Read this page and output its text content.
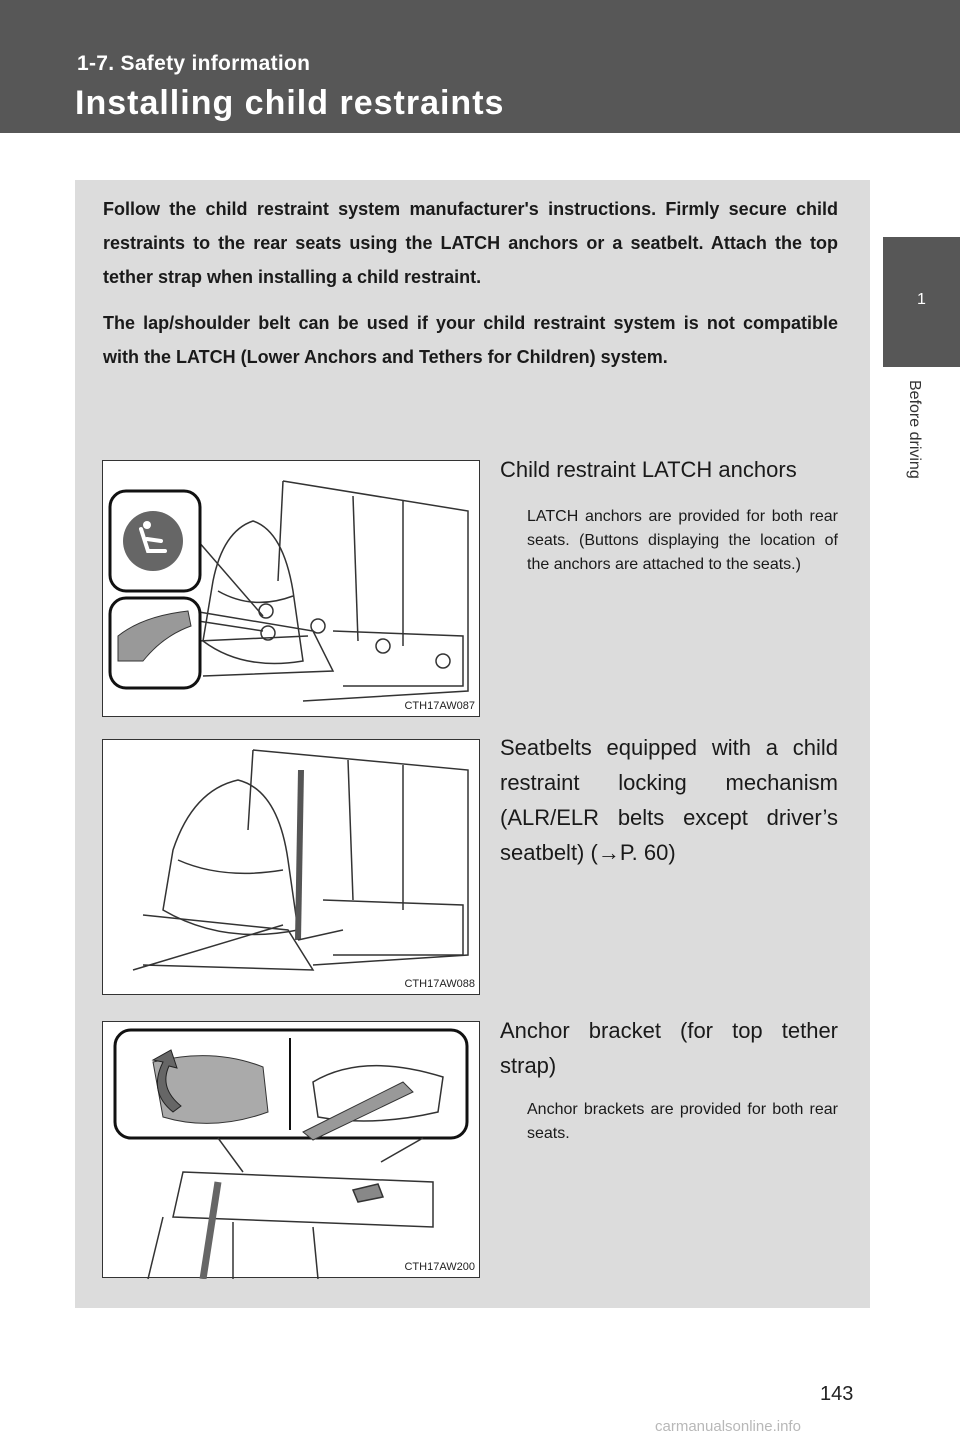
1-7. Safety information
Installing child restraints
1
Before driving

Follow the child restraint system manufacturer's instructions. Firmly secure child restraints to the rear seats using the LATCH anchors or a seatbelt. Attach the top tether strap when installing a child restraint.

The lap/shoulder belt can be used if your child restraint system is not compatible with the LATCH (Lower Anchors and Tethers for Children) system.

CTH17AW087
Child restraint LATCH anchors
LATCH anchors are provided for both rear seats. (Buttons displaying the location of the anchors are attached to the seats.)
CTH17AW088
Seatbelts equipped with a child restraint locking mechanism (ALR/ELR belts except driver’s seatbelt) (→P. 60)
CTH17AW200
Anchor bracket (for top tether strap)
Anchor brackets are provided for both rear seats.
143
carmanualsonline.info
